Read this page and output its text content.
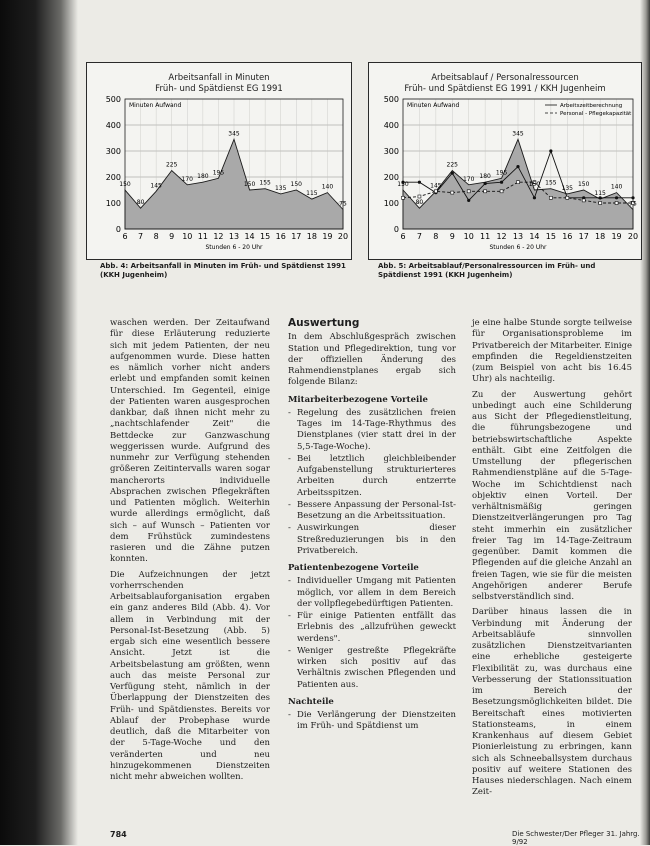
Arbeitsanfall in Minuten
Früh- und Spätdienst EG 1991
0
100
200
300
400
500
6 7 8 9 10 11 12 13 14 15 16 17 18 19 20
150
80
145
225
170 180
195
345
150 155
135
150
115
140
75
Minuten Aufwand
Stunden 6 - 20 Uhr
Arbeitsablauf / Personalressourcen
Früh- und Spätdienst EG 1991 / KKH Jugenheim
0
100
200
300
400
500
6 7 8 9 10 11 12 13 14 15 16 17 18 19 20
150
80
145
225
170 180
195
345
150 155
135
150
115
140
75
Minuten Aufwand	Arbeitszeitberechnung
Personal - Pflegekapazität
Stunden 6 - 20 Uhr
Abb. 4: Arbeitsanfall in Minuten im Früh- und Spätdienst 1991 (KKH Jugenheim)
Abb. 5: Arbeitsablauf/Personalressourcen im Früh- und Spätdienst 1991 (KKH Jugenheim)

waschen werden. Der Zeitaufwand für diese Erläuterung reduzierte sich mit jedem Patienten, der neu aufgenommen wurde. Diese hatten es nämlich vorher nicht anders erlebt und empfanden somit keinen Unterschied. Im Gegenteil, einige der Patienten waren ausgesprochen dankbar, daß ihnen nicht mehr zu „nachtschlafender Zeit" die Bettdecke zur Ganzwaschung weggerissen wurde. Aufgrund des nunmehr zur Verfügung stehenden größeren Zeitintervalls waren sogar mancherorts individuelle Absprachen zwischen Pflegekräften und Patienten möglich. Weiterhin wurde allerdings ermöglicht, daß sich – auf Wunsch – Patienten vor dem Frühstück zumindestens rasieren und die Zähne putzen konnten.

Die Aufzeichnungen der jetzt vorherrschenden Arbeitsablauforganisation ergaben ein ganz anderes Bild (Abb. 4). Vor allem in Verbindung mit der Personal-Ist-Besetzung (Abb. 5) ergab sich eine wesentlich bessere Ansicht. Jetzt ist die Arbeitsbelastung am größten, wenn auch das meiste Personal zur Verfügung steht, nämlich in der Überlappung der Dienstzeiten des Früh- und Spätdienstes. Bereits vor Ablauf der Probephase wurde deutlich, daß die Mitarbeiter von der 5-Tage-Woche und den veränderten und neu hinzugekommenen Dienstzeiten nicht mehr abweichen wollten.

Auswertung

In dem Abschlußgespräch zwischen Station und Pflegedirektion, tung vor der offiziellen Änderung des Rahmendienstplanes ergab sich folgende Bilanz:

Mitarbeiterbezogene Vorteile
- Regelung des zusätzlichen freien Tages im 14-Tage-Rhythmus des Dienstplanes (vier statt drei in der 5,5-Tage-Woche).
- Bei letztlich gleichbleibender Aufgabenstellung strukturierteres Arbeiten durch entzerrte Arbeitsspitzen.
- Bessere Anpassung der Personal-Ist-Besetzung an die Arbeitssituation.
- Auswirkungen dieser Streßreduzierungen bis in den Privatbereich.
Patientenbezogene Vorteile
- Individueller Umgang mit Patienten möglich, vor allem in dem Bereich der vollpflegebedürftigen Patienten.
- Für einige Patienten entfällt das Erlebnis des „allzufrühen geweckt werdens".
- Weniger gestreßte Pflegekräfte wirken sich positiv auf das Verhältnis zwischen Pflegenden und Patienten aus.
Nachteile
- Die Verlängerung der Dienstzeiten im Früh- und Spätdienst um

je eine halbe Stunde sorgte teilweise für Organisationsprobleme im Privatbereich der Mitarbeiter. Einige empfinden die Regeldienstzeiten (zum Beispiel von acht bis 16.45 Uhr) als nachteilig.

Zu der Auswertung gehört unbedingt auch eine Schilderung aus Sicht der Pflegedienstleitung, die führungsbezogene und betriebswirtschaftliche Aspekte enthält. Gibt eine Zeitfolgen die Umstellung der pflegerischen Rahmendienstpläne auf die 5-Tage-Woche im Schichtdienst nach objektiv einen Vorteil. Der verhältnismäßig geringen Dienstzeitverlängerungen pro Tag steht immerhin ein zusätzlicher freier Tag im 14-Tage-Zeitraum gegenüber. Damit kommen die Pflegenden auf die gleiche Anzahl an freien Tagen, wie sie für die meisten Angehörigen anderer Berufe selbstverständlich sind.

Darüber hinaus lassen die in Verbindung mit Änderung der Arbeitsabläufe sinnvollen zusätzlichen Dienstzeitvarianten eine erhebliche gesteigerte Flexibilität zu, was durchaus eine Verbesserung der Stationssituation im Bereich der Besetzungsmöglichkeiten bildet. Die Bereitschaft eines motivierten Stationsteams, in einem Krankenhaus auf diesem Gebiet Pionierleistung zu erbringen, kann sich als Schneeballsystem durchaus positiv auf weitere Stationen des Hauses niederschlagen. Nach einem Zeit-

784	Die Schwester/Der Pfleger 31. Jahrg. 9/92
